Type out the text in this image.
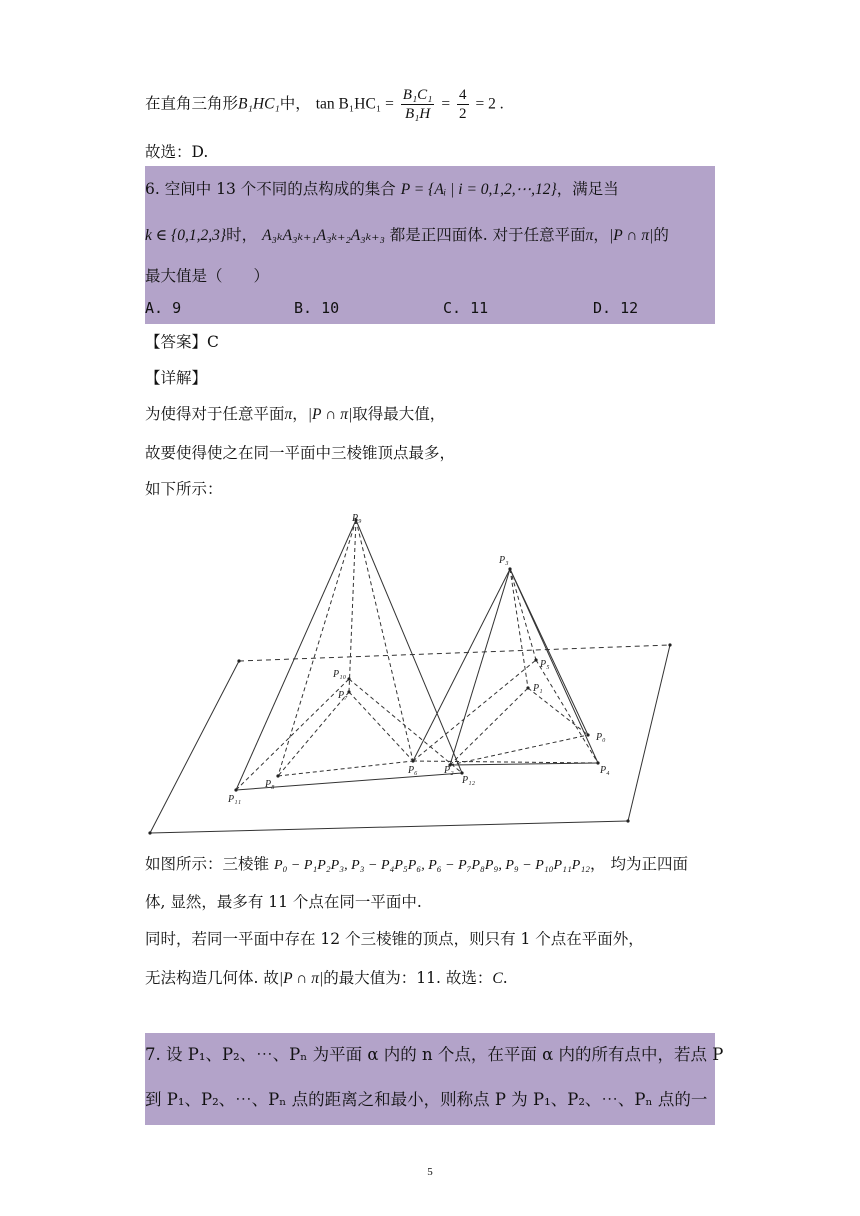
在直角三角形B₁HC₁中， $\tan B_1HC_1 = \frac{\text{B₁C₁}}{\text{B₁H}} = \frac{4}{2} = 2$ .
故选：D.
6. 空间中 13 个不同的点构成的集合 P = {Aᵢ | i = 0,1,2,⋯,12}，满足当
k ∈ {0,1,2,3}时， A₃ₖA₃ₖ₊₁A₃ₖ₊₂A₃ₖ₊₃ 都是正四面体. 对于任意平面π，|P ∩ π|的
最大值是（　　）
A. 9	B. 10	C. 11	D. 12
【答案】C
【详解】
为使得对于任意平面π，|P ∩ π|取得最大值，
故要使得使之在同一平面中三棱锥顶点最多，
如下所示：
P₉
P₃
P₁₀
P₇
P₅
P₁
P₀
P₆	P₂
P₁₂
P₄
P₈
P₁₁
如图所示：三棱锥 P₀ − P₁P₂P₃, P₃ − P₄P₅P₆, P₆ − P₇P₈P₉, P₉ − P₁₀P₁₁P₁₂， 均为正四面
体, 显然，最多有 11 个点在同一平面中.
同时，若同一平面中存在 12 个三棱锥的顶点，则只有 1 个点在平面外，
无法构造几何体. 故|P ∩ π|的最大值为：11. 故选：C.
7. 设 P₁、P₂、⋯、Pₙ 为平面 α 内的 n 个点，在平面 α 内的所有点中，若点 P
到 P₁、P₂、⋯、Pₙ 点的距离之和最小，则称点 P 为 P₁、P₂、⋯、Pₙ 点的一
5
